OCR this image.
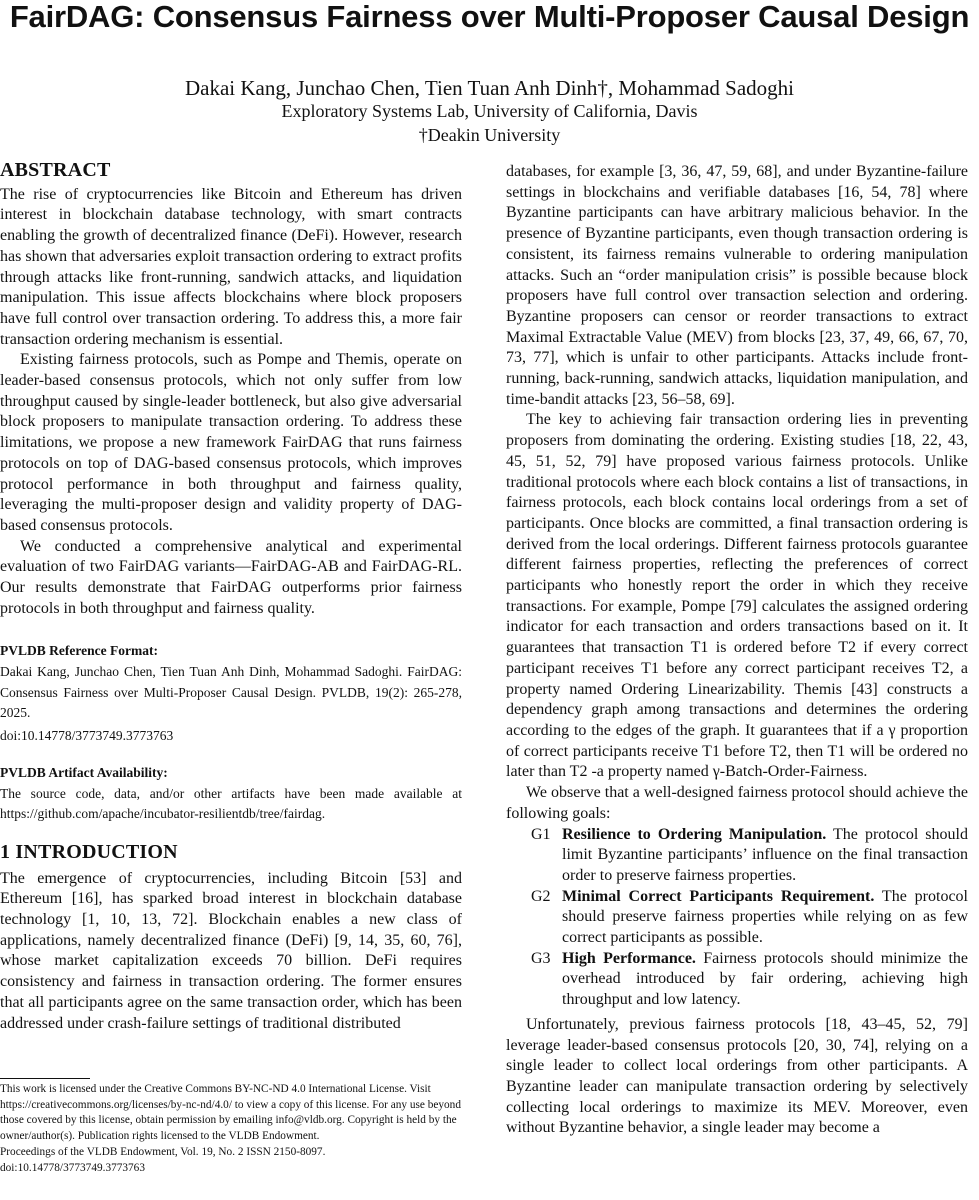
FairDAG: Consensus Fairness over Multi-Proposer Causal Design
Dakai Kang, Junchao Chen, Tien Tuan Anh Dinh†, Mohammad Sadoghi
Exploratory Systems Lab, University of California, Davis
†Deakin University
ABSTRACT

The rise of cryptocurrencies like Bitcoin and Ethereum has driven interest in blockchain database technology, with smart contracts enabling the growth of decentralized finance (DeFi). However, research has shown that adversaries exploit transaction ordering to extract profits through attacks like front-running, sandwich attacks, and liquidation manipulation. This issue affects blockchains where block proposers have full control over transaction ordering. To address this, a more fair transaction ordering mechanism is essential.

Existing fairness protocols, such as Pompe and Themis, operate on leader-based consensus protocols, which not only suffer from low throughput caused by single-leader bottleneck, but also give adversarial block proposers to manipulate transaction ordering. To address these limitations, we propose a new framework FairDAG that runs fairness protocols on top of DAG-based consensus protocols, which improves protocol performance in both throughput and fairness quality, leveraging the multi-proposer design and validity property of DAG-based consensus protocols.

We conducted a comprehensive analytical and experimental evaluation of two FairDAG variants—FairDAG-AB and FairDAG-RL. Our results demonstrate that FairDAG outperforms prior fairness protocols in both throughput and fairness quality.

PVLDB Reference Format:

Dakai Kang, Junchao Chen, Tien Tuan Anh Dinh, Mohammad Sadoghi. FairDAG: Consensus Fairness over Multi-Proposer Causal Design. PVLDB, 19(2): 265-278, 2025.

doi:10.14778/3773749.3773763

PVLDB Artifact Availability:

The source code, data, and/or other artifacts have been made available at https://github.com/apache/incubator-resilientdb/tree/fairdag.

1 INTRODUCTION

The emergence of cryptocurrencies, including Bitcoin [53] and Ethereum [16], has sparked broad interest in blockchain database technology [1, 10, 13, 72]. Blockchain enables a new class of applications, namely decentralized finance (DeFi) [9, 14, 35, 60, 76], whose market capitalization exceeds 70 billion. DeFi requires consistency and fairness in transaction ordering. The former ensures that all participants agree on the same transaction order, which has been addressed under crash-failure settings of traditional distributed

This work is licensed under the Creative Commons BY-NC-ND 4.0 International License. Visit https://creativecommons.org/licenses/by-nc-nd/4.0/ to view a copy of this license. For any use beyond those covered by this license, obtain permission by emailing info@vldb.org. Copyright is held by the owner/author(s). Publication rights licensed to the VLDB Endowment.
Proceedings of the VLDB Endowment, Vol. 19, No. 2 ISSN 2150-8097.
doi:10.14778/3773749.3773763

databases, for example [3, 36, 47, 59, 68], and under Byzantine-failure settings in blockchains and verifiable databases [16, 54, 78] where Byzantine participants can have arbitrary malicious behavior. In the presence of Byzantine participants, even though transaction ordering is consistent, its fairness remains vulnerable to ordering manipulation attacks. Such an “order manipulation crisis” is possible because block proposers have full control over transaction selection and ordering. Byzantine proposers can censor or reorder transactions to extract Maximal Extractable Value (MEV) from blocks [23, 37, 49, 66, 67, 70, 73, 77], which is unfair to other participants. Attacks include front-running, back-running, sandwich attacks, liquidation manipulation, and time-bandit attacks [23, 56–58, 69].

The key to achieving fair transaction ordering lies in preventing proposers from dominating the ordering. Existing studies [18, 22, 43, 45, 51, 52, 79] have proposed various fairness protocols. Unlike traditional protocols where each block contains a list of transactions, in fairness protocols, each block contains local orderings from a set of participants. Once blocks are committed, a final transaction ordering is derived from the local orderings. Different fairness protocols guarantee different fairness properties, reflecting the preferences of correct participants who honestly report the order in which they receive transactions. For example, Pompe [79] calculates the assigned ordering indicator for each transaction and orders transactions based on it. It guarantees that transaction T1 is ordered before T2 if every correct participant receives T1 before any correct participant receives T2, a property named Ordering Linearizability. Themis [43] constructs a dependency graph among transactions and determines the ordering according to the edges of the graph. It guarantees that if a γ proportion of correct participants receive T1 before T2, then T1 will be ordered no later than T2 -a property named γ-Batch-Order-Fairness.

We observe that a well-designed fairness protocol should achieve the following goals:

G1 Resilience to Ordering Manipulation. The protocol should limit Byzantine participants’ influence on the final transaction order to preserve fairness properties.
G2 Minimal Correct Participants Requirement. The protocol should preserve fairness properties while relying on as few correct participants as possible.
G3 High Performance. Fairness protocols should minimize the overhead introduced by fair ordering, achieving high throughput and low latency.

Unfortunately, previous fairness protocols [18, 43–45, 52, 79] leverage leader-based consensus protocols [20, 30, 74], relying on a single leader to collect local orderings from other participants. A Byzantine leader can manipulate transaction ordering by selectively collecting local orderings to maximize its MEV. Moreover, even without Byzantine behavior, a single leader may become a
